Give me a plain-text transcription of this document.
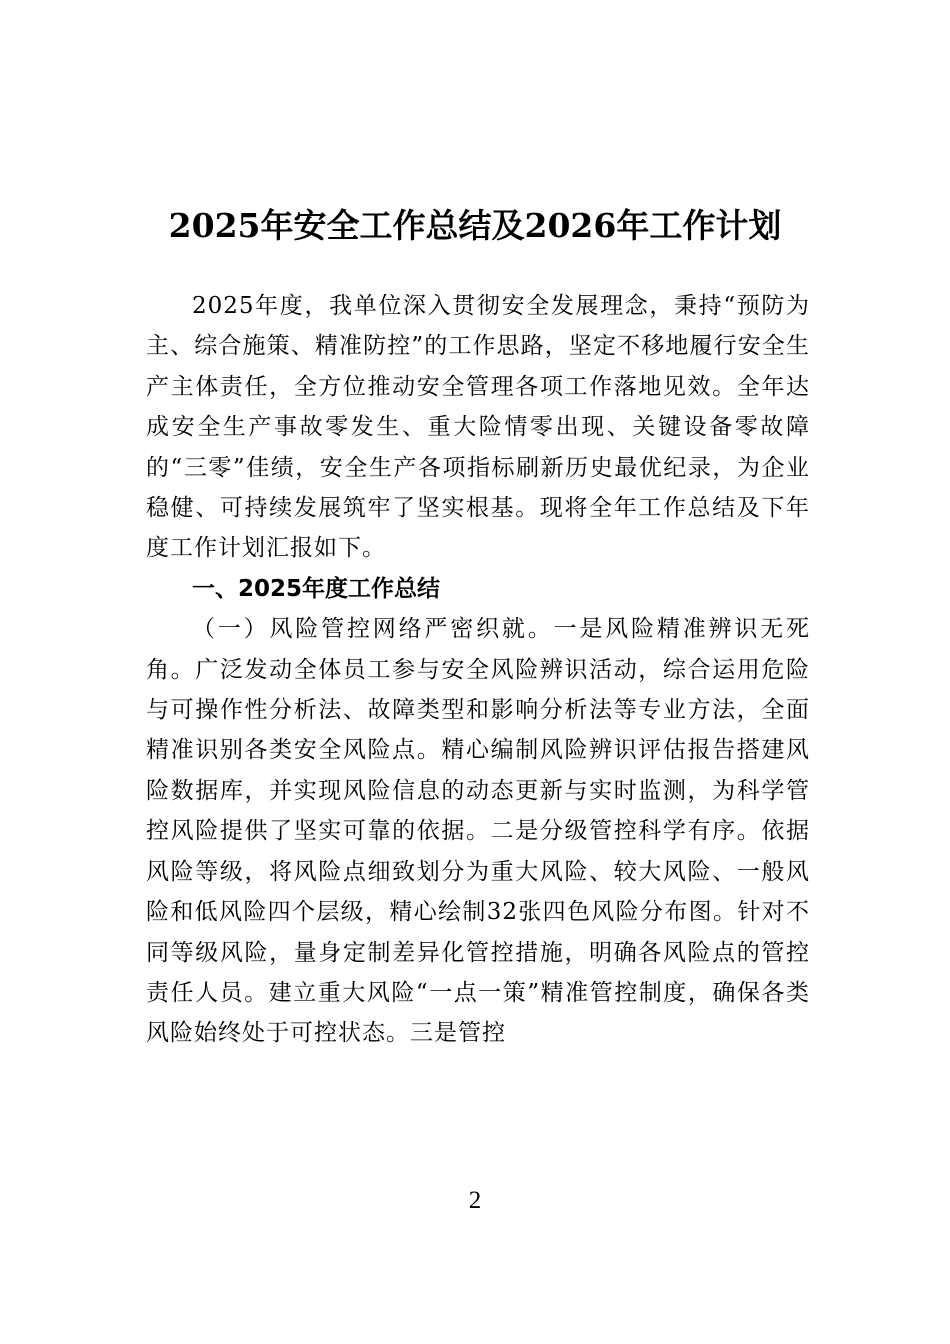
2025年安全工作总结及2026年工作计划

2025年度，我单位深入贯彻安全发展理念，秉持“预防为主、综合施策、精准防控”的工作思路，坚定不移地履行安全生产主体责任，全方位推动安全管理各项工作落地见效。全年达成安全生产事故零发生、重大险情零出现、关键设备零故障的“三零”佳绩，安全生产各项指标刷新历史最优纪录，为企业稳健、可持续发展筑牢了坚实根基。现将全年工作总结及下年度工作计划汇报如下。

一、2025年度工作总结

（一）风险管控网络严密织就。一是风险精准辨识无死角。广泛发动全体员工参与安全风险辨识活动，综合运用危险与可操作性分析法、故障类型和影响分析法等专业方法，全面精准识别各类安全风险点。精心编制风险辨识评估报告搭建风险数据库，并实现风险信息的动态更新与实时监测，为科学管控风险提供了坚实可靠的依据。二是分级管控科学有序。依据风险等级，将风险点细致划分为重大风险、较大风险、一般风险和低风险四个层级，精心绘制32张四色风险分布图。针对不同等级风险，量身定制差异化管控措施，明确各风险点的管控责任人员。建立重大风险“一点一策”精准管控制度，确保各类风险始终处于可控状态。三是管控

2
